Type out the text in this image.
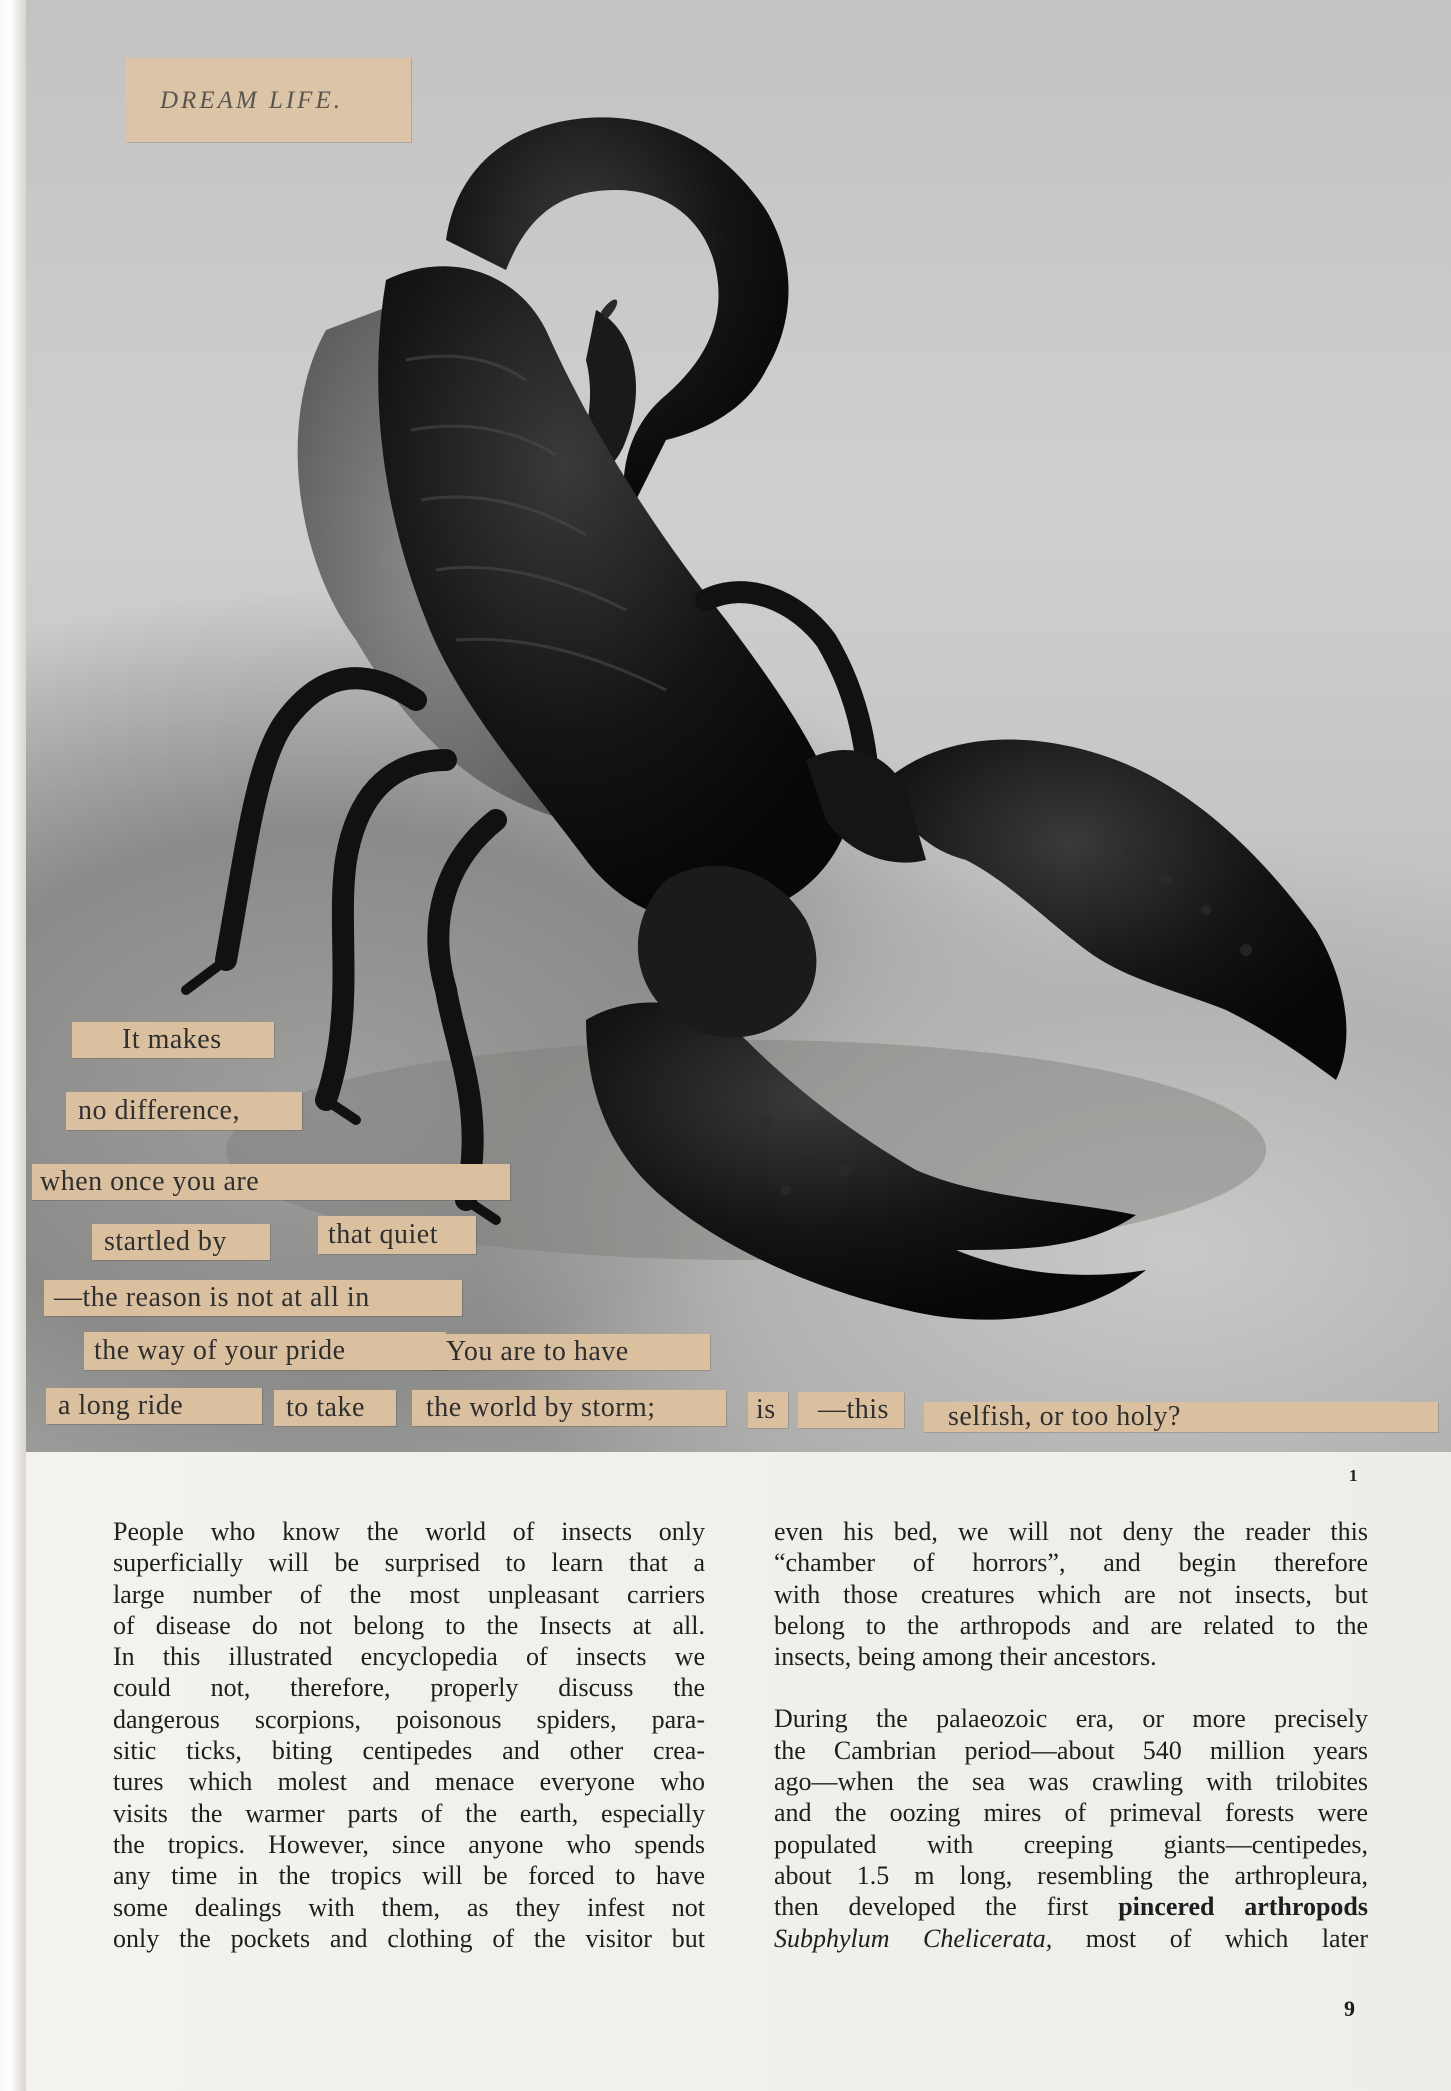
DREAM LIFE.
It makes
no difference,
when once you are
startled by	that quiet
—the reason is not at all in
the way of your pride	You are to have
a long ride	to take	the world by storm;	is	—this	selfish, or too holy?
1
People who know the world of insects only
superficially will be surprised to learn that a
large number of the most unpleasant carriers
of disease do not belong to the Insects at all.
In this illustrated encyclopedia of insects we
could not, therefore, properly discuss the
dangerous scorpions, poisonous spiders, para-
sitic ticks, biting centipedes and other crea-
tures which molest and menace everyone who
visits the warmer parts of the earth, especially
the tropics. However, since anyone who spends
any time in the tropics will be forced to have
some dealings with them, as they infest not
only the pockets and clothing of the visitor but
even his bed, we will not deny the reader this
“chamber of horrors”, and begin therefore
with those creatures which are not insects, but
belong to the arthropods and are related to the
insects, being among their ancestors.
During the palaeozoic era, or more precisely
the Cambrian period—about 540 million years
ago—when the sea was crawling with trilobites
and the oozing mires of primeval forests were
populated with creeping giants—centipedes,
about 1.5 m long, resembling the arthropleura,
then developed the first pincered arthropods
Subphylum Chelicerata, most of which later
9
